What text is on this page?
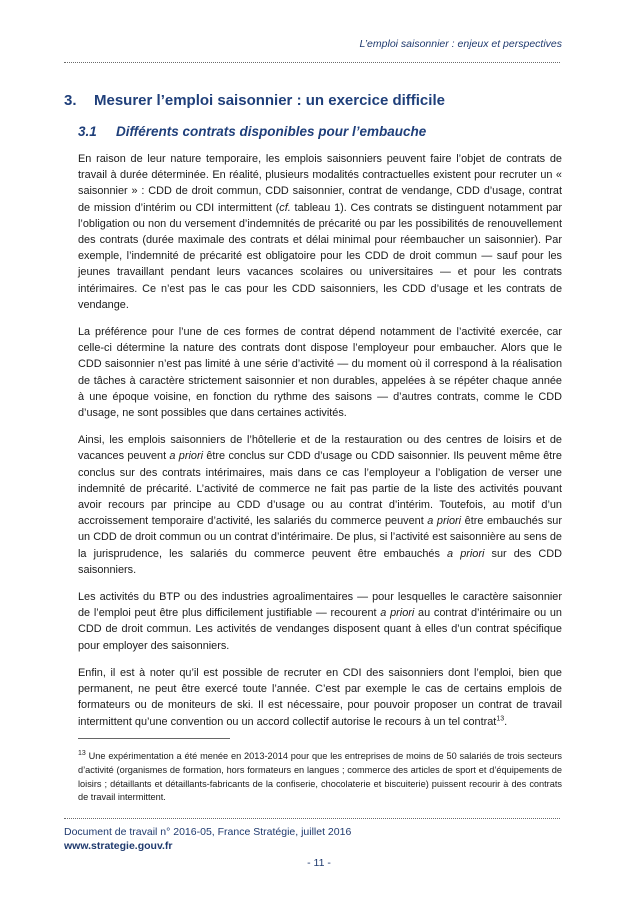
L’emploi saisonnier : enjeux et perspectives
3. Mesurer l’emploi saisonnier : un exercice difficile
3.1 Différents contrats disponibles pour l’embauche

En raison de leur nature temporaire, les emplois saisonniers peuvent faire l’objet de contrats de travail à durée déterminée. En réalité, plusieurs modalités contractuelles existent pour recruter un « saisonnier » : CDD de droit commun, CDD saisonnier, contrat de vendange, CDD d’usage, contrat de mission d’intérim ou CDI intermittent (cf. tableau 1). Ces contrats se distinguent notamment par l’obligation ou non du versement d’indemnités de précarité ou par les possibilités de renouvellement des contrats (durée maximale des contrats et délai minimal pour réembaucher un saisonnier). Par exemple, l’indemnité de précarité est obligatoire pour les CDD de droit commun — sauf pour les jeunes travaillant pendant leurs vacances scolaires ou universitaires — et pour les contrats intérimaires. Ce n’est pas le cas pour les CDD saisonniers, les CDD d’usage et les contrats de vendange.

La préférence pour l’une de ces formes de contrat dépend notamment de l’activité exercée, car celle-ci détermine la nature des contrats dont dispose l’employeur pour embaucher. Alors que le CDD saisonnier n’est pas limité à une série d’activité — du moment où il correspond à la réalisation de tâches à caractère strictement saisonnier et non durables, appelées à se répéter chaque année à une époque voisine, en fonction du rythme des saisons — d’autres contrats, comme le CDD d’usage, ne sont possibles que dans certaines activités.

Ainsi, les emplois saisonniers de l’hôtellerie et de la restauration ou des centres de loisirs et de vacances peuvent a priori être conclus sur CDD d’usage ou CDD saisonnier. Ils peuvent même être conclus sur des contrats intérimaires, mais dans ce cas l’employeur a l’obligation de verser une indemnité de précarité. L’activité de commerce ne fait pas partie de la liste des activités pouvant avoir recours par principe au CDD d’usage ou au contrat d’intérim. Toutefois, au motif d’un accroissement temporaire d’activité, les salariés du commerce peuvent a priori être embauchés sur un CDD de droit commun ou un contrat d’intérimaire. De plus, si l’activité est saisonnière au sens de la jurisprudence, les salariés du commerce peuvent être embauchés a priori sur des CDD saisonniers.

Les activités du BTP ou des industries agroalimentaires — pour lesquelles le caractère saisonnier de l’emploi peut être plus difficilement justifiable — recourent a priori au contrat d’intérimaire ou un CDD de droit commun. Les activités de vendanges disposent quant à elles d’un contrat spécifique pour employer des saisonniers.

Enfin, il est à noter qu’il est possible de recruter en CDI des saisonniers dont l’emploi, bien que permanent, ne peut être exercé toute l’année. C’est par exemple le cas de certains emplois de formateurs ou de moniteurs de ski. Il est nécessaire, pour pouvoir proposer un contrat de travail intermittent qu’une convention ou un accord collectif autorise le recours à un tel contrat$^{13}$.

$^{13}$ Une expérimentation a été menée en 2013-2014 pour que les entreprises de moins de 50 salariés de trois secteurs d’activité (organismes de formation, hors formateurs en langues ; commerce des articles de sport et d’équipements de loisirs ; détaillants et détaillants-fabricants de la confiserie, chocolaterie et biscuiterie) puissent recourir à des contrats de travail intermittent.
Document de travail n° 2016-05, France Stratégie, juillet 2016
www.strategie.gouv.fr
- 11 -
